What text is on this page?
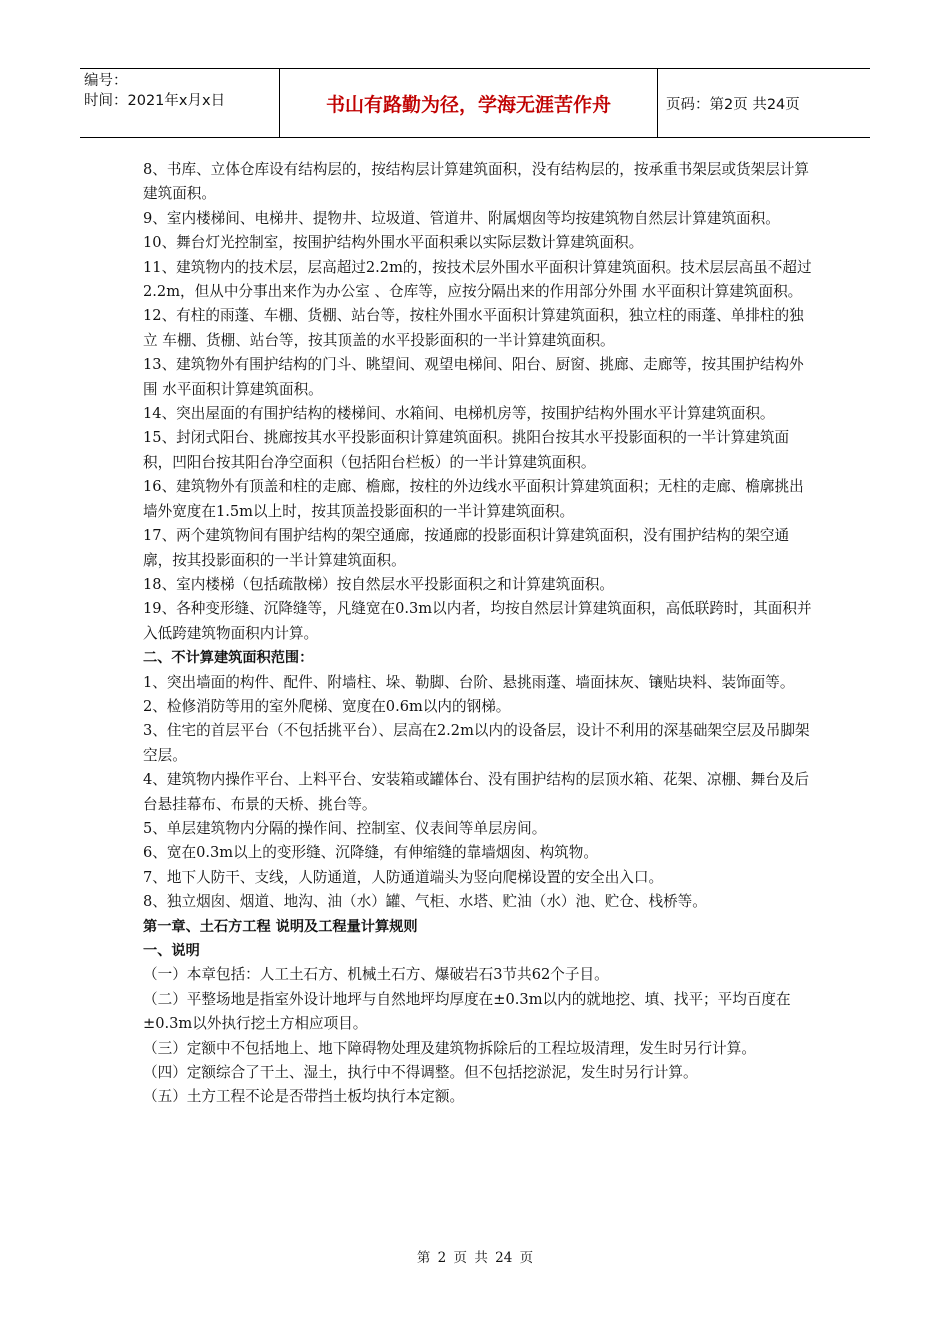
编号：
时间：2021年x月x日	书山有路勤为径，学海无涯苦作舟	页码：第2页 共24页

8、书库、立体仓库设有结构层的，按结构层计算建筑面积，没有结构层的，按承重书架层或货架层计算建筑面积。

9、室内楼梯间、电梯井、提物井、垃圾道、管道井、附属烟囱等均按建筑物自然层计算建筑面积。

10、舞台灯光控制室，按围护结构外围水平面积乘以实际层数计算建筑面积。

11、建筑物内的技术层，层高超过2.2m的，按技术层外围水平面积计算建筑面积。技术层层高虽不超过2.2m，但从中分事出来作为办公室 、仓库等，应按分隔出来的作用部分外围 水平面积计算建筑面积。

12、有柱的雨蓬、车棚、货棚、站台等，按柱外围水平面积计算建筑面积，独立柱的雨蓬、单排柱的独立 车棚、货棚、站台等，按其顶盖的水平投影面积的一半计算建筑面积。

13、建筑物外有围护结构的门斗、眺望间、观望电梯间、阳台、厨窗、挑廊、走廊等，按其围护结构外围 水平面积计算建筑面积。

14、突出屋面的有围护结构的楼梯间、水箱间、电梯机房等，按围护结构外围水平计算建筑面积。

15、封闭式阳台、挑廊按其水平投影面积计算建筑面积。挑阳台按其水平投影面积的一半计算建筑面积，凹阳台按其阳台净空面积（包括阳台栏板）的一半计算建筑面积。

16、建筑物外有顶盖和柱的走廊、檐廊，按柱的外边线水平面积计算建筑面积；无柱的走廊、檐廓挑出墙外宽度在1.5m以上时，按其顶盖投影面积的一半计算建筑面积。

17、两个建筑物间有围护结构的架空通廊，按通廊的投影面积计算建筑面积，没有围护结构的架空通廓，按其投影面积的一半计算建筑面积。

18、室内楼梯（包括疏散梯）按自然层水平投影面积之和计算建筑面积。

19、各种变形缝、沉降缝等，凡缝宽在0.3m以内者，均按自然层计算建筑面积，高低联跨时，其面积并入低跨建筑物面积内计算。

二、不计算建筑面积范围：

1、突出墙面的构件、配件、附墙柱、垛、勒脚、台阶、悬挑雨蓬、墙面抹灰、镶贴块料、装饰面等。

2、检修消防等用的室外爬梯、宽度在0.6m以内的钢梯。

3、住宅的首层平台（不包括挑平台）、层高在2.2m以内的设备层，设计不利用的深基础架空层及吊脚架空层。

4、建筑物内操作平台、上料平台、安装箱或罐体台、没有围护结构的层顶水箱、花架、凉棚、舞台及后台悬挂幕布、布景的天桥、挑台等。

5、单层建筑物内分隔的操作间、控制室、仪表间等单层房间。

6、宽在0.3m以上的变形缝、沉降缝，有伸缩缝的靠墙烟囱、构筑物。

7、地下人防干、支线，人防通道，人防通道端头为竖向爬梯设置的安全出入口。

8、独立烟囱、烟道、地沟、油（水）罐、气柜、水塔、贮油（水）池、贮仓、栈桥等。

第一章、土石方工程 说明及工程量计算规则

一、说明

（一）本章包括：人工土石方、机械土石方、爆破岩石3节共62个子目。

（二）平整场地是指室外设计地坪与自然地坪均厚度在±0.3m以内的就地挖、填、找平；平均百度在±0.3m以外执行挖土方相应项目。

（三）定额中不包括地上、地下障碍物处理及建筑物拆除后的工程垃圾清理，发生时另行计算。

（四）定额综合了干土、湿土，执行中不得调整。但不包括挖淤泥，发生时另行计算。

（五）土方工程不论是否带挡土板均执行本定额。

第 2 页 共 24 页
